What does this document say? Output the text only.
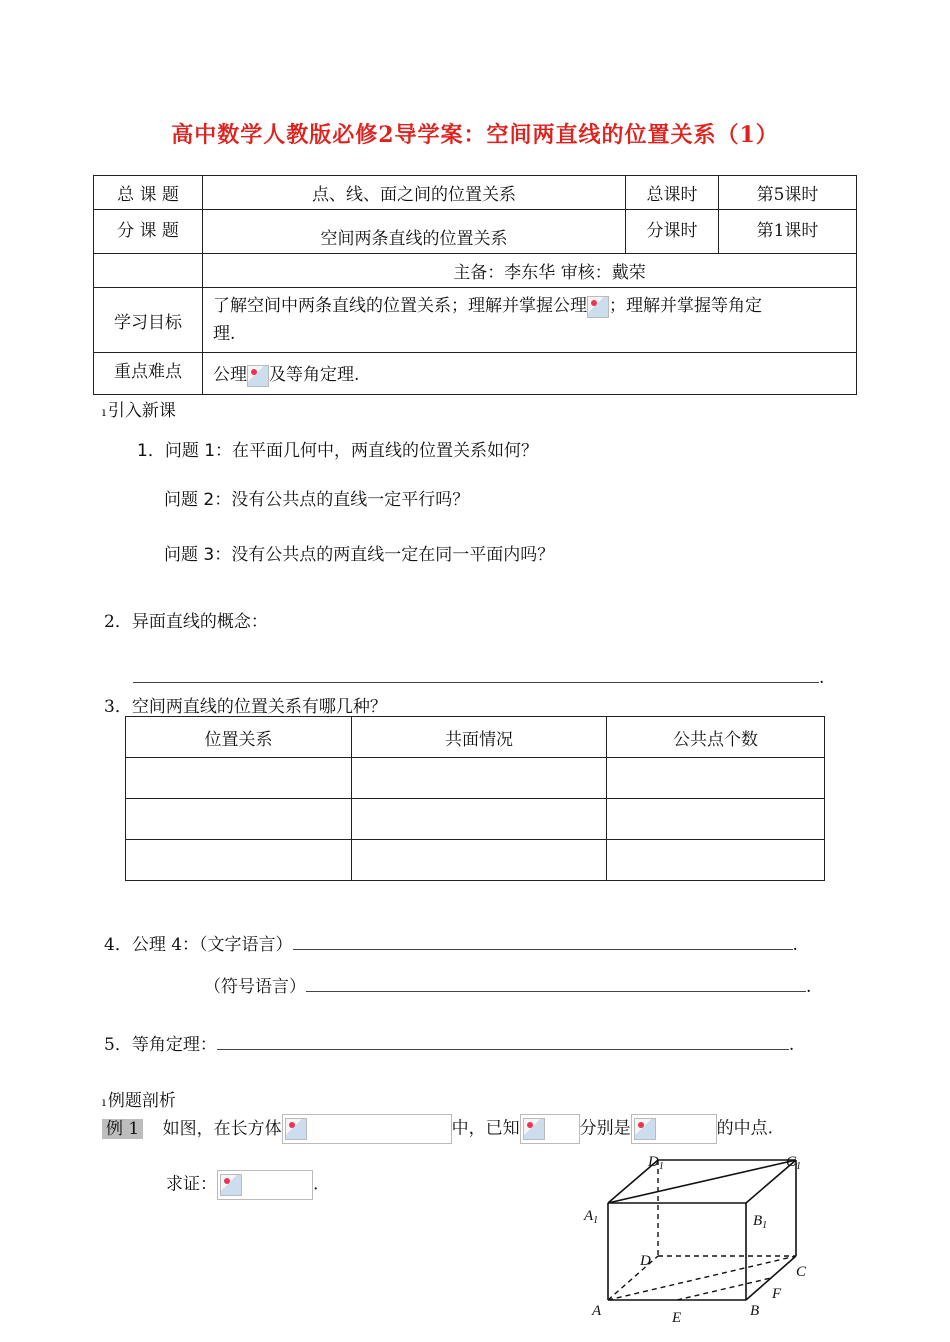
高中数学人教版必修2导学案：空间两直线的位置关系（1）
总 课 题	点、线、面之间的位置关系	总课时	第5课时
分 课 题	空间两条直线的位置关系	分课时	第1课时
	主备：李东华 审核：戴荣		
学习目标	了解空间中两条直线的位置关系；理解并掌握公理 ；理解并掌握等角定
理.		
重点难点	公理 及等角定理.		
ı 引入新课
1．问题 1：在平面几何中，两直线的位置关系如何？
问题 2：没有公共点的直线一定平行吗？
问题 3：没有公共点的两直线一定在同一平面内吗？
2．异面直线的概念：
.
3．空间两直线的位置关系有哪几种？
位置关系	共面情况	公共点个数

4．公理 4：（文字语言）	.
（符号语言）	.
5．等角定理：	.
ı 例题剖析
例 1 如图，在长方体	中，已知	分别是	的中点.
求证：	.
$D_1$	$C_1$
$A_1$	$B_1$
D
C
A	B
E
F
